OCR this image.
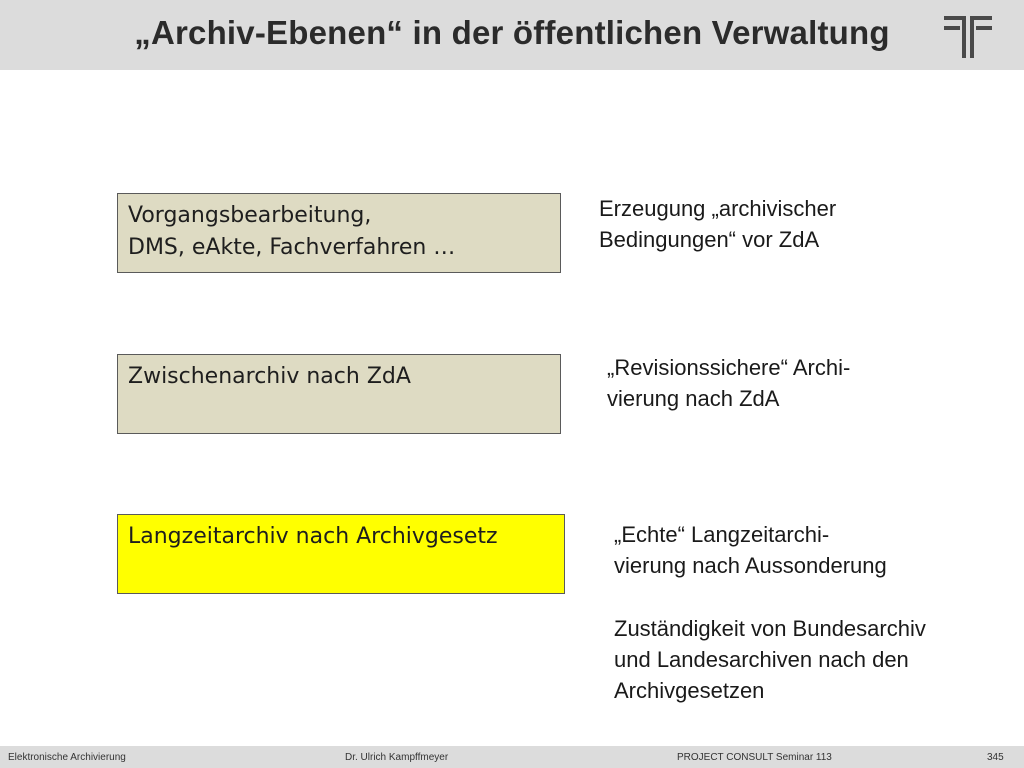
„Archiv-Ebenen“ in der öffentlichen Verwaltung
Vorgangsbearbeitung,
DMS, eAkte, Fachverfahren …
Zwischenarchiv nach ZdA
Langzeitarchiv nach Archivgesetz
Erzeugung „archivischer
Bedingungen“ vor ZdA
„Revisionssichere“ Archi-
vierung nach ZdA
„Echte“ Langzeitarchi-
vierung nach Aussonderung
Zuständigkeit von Bundesarchiv
und Landesarchiven nach den
Archivgesetzen
Elektronische Archivierung	Dr. Ulrich Kampffmeyer	PROJECT CONSULT Seminar 113	345
